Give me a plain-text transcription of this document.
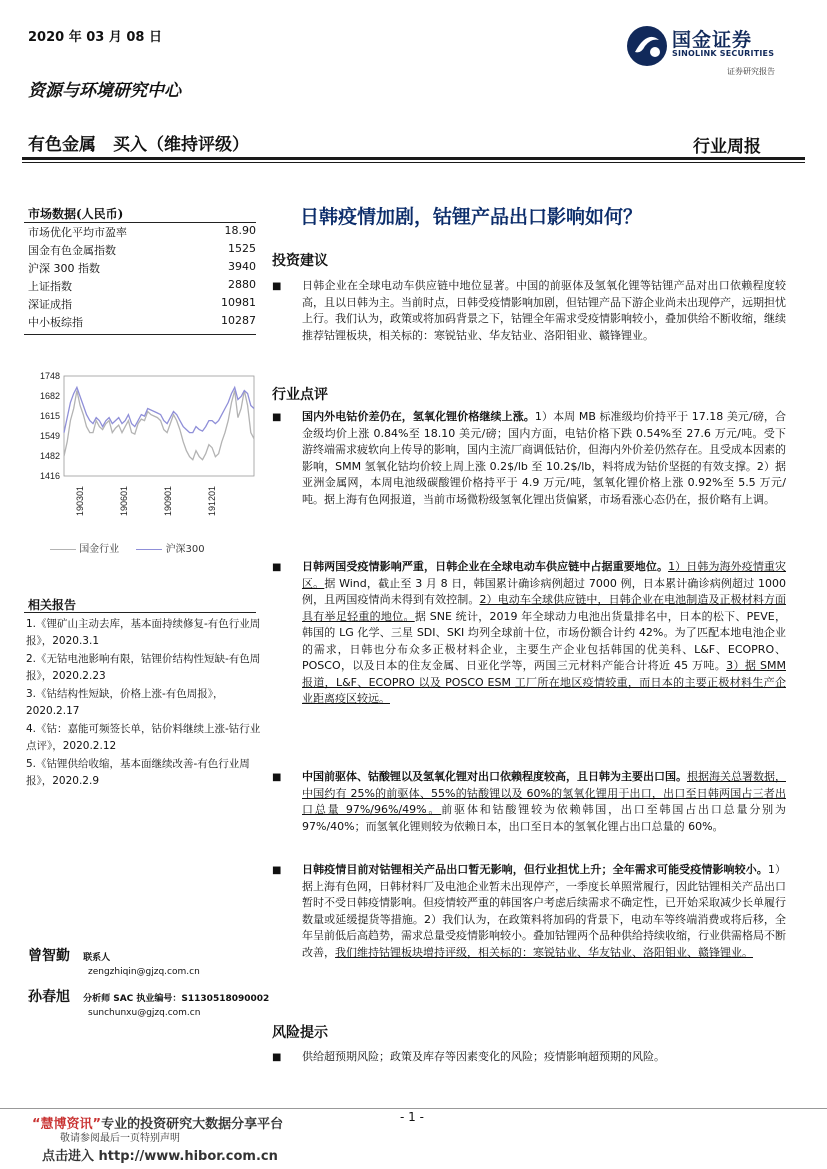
2020 年 03 月 08 日
资源与环境研究中心
有色金属　买入（维持评级）	行业周报
国金证券
SINOLINK SECURITIES
证券研究报告
市场数据(人民币)
市场优化平均市盈率	18.90
国金有色金属指数	1525
沪深 300 指数	3940
上证指数	2880
深证成指	10981
中小板综指	10287
1748
1682
1615
1549
1482
1416
190301	190601	190901	191201
国金行业	沪深300
相关报告
1.《锂矿山主动去库，基本面持续修复-有色行业周报》，2020.3.1
2.《无钴电池影响有限，钴锂价结构性短缺-有色周报》，2020.2.23
3.《钴结构性短缺，价格上涨-有色周报》，2020.2.17
4.《钴：嘉能可频签长单，钴价料继续上涨-钴行业点评》，2020.2.12
5.《钴锂供给收缩，基本面继续改善-有色行业周报》，2020.2.9
曾智勤 联系人
zengzhiqin@gjzq.com.cn
孙春旭 分析师 SAC 执业编号：S1130518090002
sunchunxu@gjzq.com.cn
日韩疫情加剧，钴锂产品出口影响如何？
投资建议
■ 日韩企业在全球电动车供应链中地位显著。中国的前驱体及氢氧化锂等钴锂产品对出口依赖程度较高，且以日韩为主。当前时点，日韩受疫情影响加剧，但钴锂产品下游企业尚未出现停产，远期担忧上行。我们认为，政策或将加码背景之下，钴锂全年需求受疫情影响较小，叠加供给不断收缩，继续推荐钴锂板块，相关标的：寒锐钴业、华友钴业、洛阳钼业、赣锋锂业。
行业点评
■ 国内外电钴价差仍在，氢氧化锂价格继续上涨。1）本周 MB 标准级均价持平于 17.18 美元/磅，合金级均价上涨 0.84%至 18.10 美元/磅；国内方面，电钴价格下跌 0.54%至 27.6 万元/吨。受下游终端需求疲软向上传导的影响，国内主流厂商调低钴价，但海内外价差仍然存在。且受成本因素的影响，SMM 氢氧化钴均价较上周上涨 0.2$/lb 至 10.2$/lb，料将成为钴价坚挺的有效支撑。2）据亚洲金属网，本周电池级碳酸锂价格持平于 4.9 万元/吨，氢氧化锂价格上涨 0.92%至 5.5 万元/吨。据上海有色网报道，当前市场微粉级氢氧化锂出货偏紧，市场看涨心态仍在，报价略有上调。
■ 日韩两国受疫情影响严重，日韩企业在全球电动车供应链中占据重要地位。1）日韩为海外疫情重灾区。据 Wind，截止至 3 月 8 日，韩国累计确诊病例超过 7000 例，日本累计确诊病例超过 1000 例，且两国疫情尚未得到有效控制。2）电动车全球供应链中，日韩企业在电池制造及正极材料方面具有举足轻重的地位。据 SNE 统计，2019 年全球动力电池出货量排名中，日本的松下、PEVE，韩国的 LG 化学、三星 SDI、SKI 均列全球前十位，市场份额合计约 42%。为了匹配本地电池企业的需求，日韩也分布众多正极材料企业，主要生产企业包括韩国的优美科、L&F、ECOPRO、POSCO，以及日本的住友金属、日亚化学等，两国三元材料产能合计将近 45 万吨。3）据 SMM 报道，L&F、ECOPRO 以及 POSCO ESM 工厂所在地区疫情较重，而日本的主要正极材料生产企业距离疫区较远。
■ 中国前驱体、钴酸锂以及氢氧化锂对出口依赖程度较高，且日韩为主要出口国。根据海关总署数据，中国约有 25%的前驱体、55%的钴酸锂以及 60%的氢氧化锂用于出口，出口至日韩两国占三者出口总量 97%/96%/49%。前驱体和钴酸锂较为依赖韩国，出口至韩国占出口总量分别为 97%/40%；而氢氧化锂则较为依赖日本，出口至日本的氢氧化锂占出口总量的 60%。
■ 日韩疫情目前对钴锂相关产品出口暂无影响，但行业担忧上升；全年需求可能受疫情影响较小。1）据上海有色网，日韩材料厂及电池企业暂未出现停产，一季度长单照常履行，因此钴锂相关产品出口暂时不受日韩疫情影响。但疫情较严重的韩国客户考虑后续需求不确定性，已开始采取减少长单履行数量或延缓提货等措施。2）我们认为，在政策料将加码的背景下，电动车等终端消费或将后移，全年呈前低后高趋势，需求总量受疫情影响较小。叠加钴锂两个品种供给持续收缩，行业供需格局不断改善，我们维持钴锂板块增持评级，相关标的：寒锐钴业、华友钴业、洛阳钼业、赣锋锂业。
风险提示
■ 供给超预期风险；政策及库存等因素变化的风险；疫情影响超预期的风险。
“慧博资讯”专业的投资研究大数据分享平台
敬请参阅最后一页特别声明
点击进入 http://www.hibor.com.cn
- 1 -
